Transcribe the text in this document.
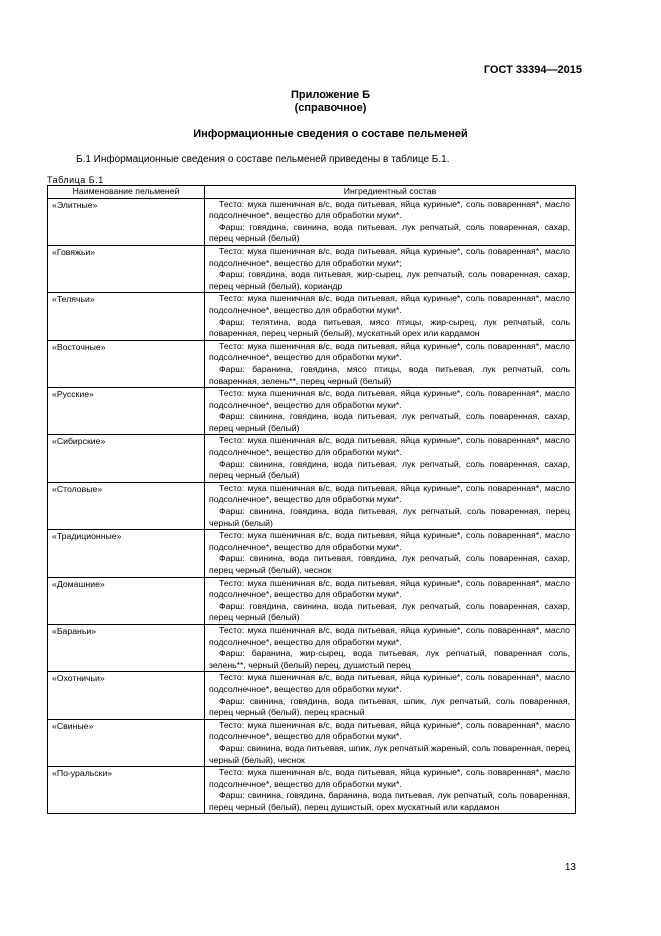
ГОСТ 33394—2015
Приложение Б
(справочное)
Информационные сведения о составе пельменей
Б.1 Информационные сведения о составе пельменей приведены в таблице Б.1.
Таблица Б.1
Наименование пельменей	Ингредиентный состав
«Элитные»	Тесто: мука пшеничная в/с, вода питьевая, яйца куриные*, соль поваренная*, масло подсолнечное*, вещество для обработки муки*.
Фарш: говядина, свинина, вода питьевая, лук репчатый, соль поваренная, сахар, перец черный (белый)

«Говяжьи»	Тесто: мука пшеничная в/с, вода питьевая, яйца куриные*, соль поваренная*, масло подсолнечное*, вещество для обработки муки*;
Фарш: говядина, вода питьевая, жир-сырец, лук репчатый, соль поваренная, сахар, перец черный (белый), кориандр

«Телячьи»	Тесто: мука пшеничная в/с, вода питьевая, яйца куриные*, соль поваренная*, масло подсолнечное*, вещество для обработки муки*.
Фарш: телятина, вода питьевая, мясо птицы, жир-сырец, лук репчатый, соль поваренная, перец черный (белый), мускатный орех или кардамон

«Восточные»	Тесто: мука пшеничная в/с, вода питьевая, яйца куриные*, соль поваренная*, масло подсолнечное*, вещество для обработки муки*.
Фарш: баранина, говядина, мясо птицы, вода питьевая, лук репчатый, соль поваренная, зелень**, перец черный (белый)

«Русские»	Тесто: мука пшеничная в/с, вода питьевая, яйца куриные*, соль поваренная*, масло подсолнечное*, вещество для обработки муки*.
Фарш: свинина, говядина, вода питьевая, лук репчатый, соль поваренная, сахар, перец черный (белый)

«Сибирские»	Тесто: мука пшеничная в/с, вода питьевая, яйца куриные*, соль поваренная*, масло подсолнечное*, вещество для обработки муки*.
Фарш: свинина, говядина, вода питьевая, лук репчатый, соль поваренная, сахар, перец черный (белый)

«Столовые»	Тесто: мука пшеничная в/с, вода питьевая, яйца куриные*, соль поваренная*, масло подсолнечное*, вещество для обработки муки*.
Фарш: свинина, говядина, вода питьевая, лук репчатый, соль поваренная, перец черный (белый)

«Традиционные»	Тесто: мука пшеничная в/с, вода питьевая, яйца куриные*, соль поваренная*, масло подсолнечное*, вещество для обработки муки*.
Фарш: свинина, вода питьевая, говядина, лук репчатый, соль поваренная, сахар, перец черный (белый), чеснок

«Домашние»	Тесто: мука пшеничная в/с, вода питьевая, яйца куриные*, соль поваренная*, масло подсолнечное*, вещество для обработки муки*.
Фарш: говядина, свинина, вода питьевая, лук репчатый, соль поваренная, сахар, перец черный (белый)

«Бараньи»	Тесто: мука пшеничная в/с, вода питьевая, яйца куриные*, соль поваренная*, масло подсолнечное*, вещество для обработки муки*.
Фарш: баранина, жир-сырец, вода питьевая, лук репчатый, поваренная соль, зелень**, черный (белый) перец, душистый перец

«Охотничьи»	Тесто: мука пшеничная в/с, вода питьевая, яйца куриные*, соль поваренная*, масло подсолнечное*, вещество для обработки муки*.
Фарш: свинина, говядина, вода питьевая, шпик, лук репчатый, соль поваренная, перец черный (белый), перец красный

«Свиные»	Тесто: мука пшеничная в/с, вода питьевая, яйца куриные*, соль поваренная*, масло подсолнечное*, вещество для обработки муки*.
Фарш: свинина, вода питьевая, шпик, лук репчатый жареный, соль поваренная, перец черный (белый), чеснок

«По-уральски»	Тесто: мука пшеничная в/с, вода питьевая, яйца куриные*, соль поваренная*, масло подсолнечное*, вещество для обработки муки*.
Фарш: свинина, говядина, баранина, вода питьевая, лук репчатый, соль поваренная, перец черный (белый), перец душистый, орех мускатный или кардамон
13
